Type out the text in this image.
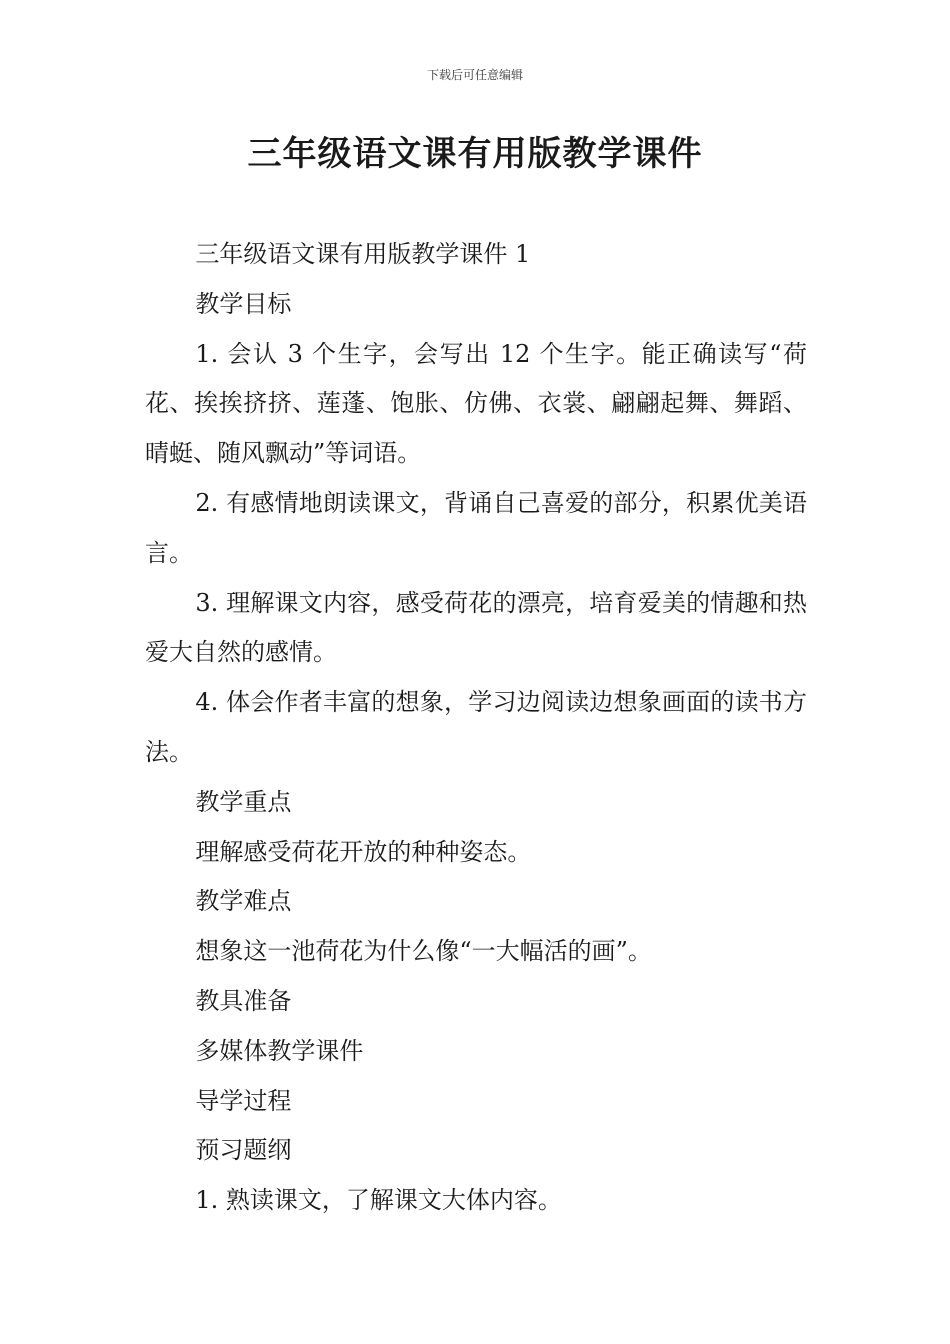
下载后可任意编辑
三年级语文课有用版教学课件

三年级语文课有用版教学课件 1

教学目标

1. 会认 3 个生字，会写出 12 个生字。能正确读写“荷花、挨挨挤挤、莲蓬、饱胀、仿佛、衣裳、翩翩起舞、舞蹈、晴蜓、随风飘动”等词语。

2. 有感情地朗读课文，背诵自己喜爱的部分，积累优美语言。

3. 理解课文内容，感受荷花的漂亮，培育爱美的情趣和热爱大自然的感情。

4. 体会作者丰富的想象，学习边阅读边想象画面的读书方法。

教学重点

理解感受荷花开放的种种姿态。

教学难点

想象这一池荷花为什么像“一大幅活的画”。

教具准备

多媒体教学课件

导学过程

预习题纲

1. 熟读课文，了解课文大体内容。
